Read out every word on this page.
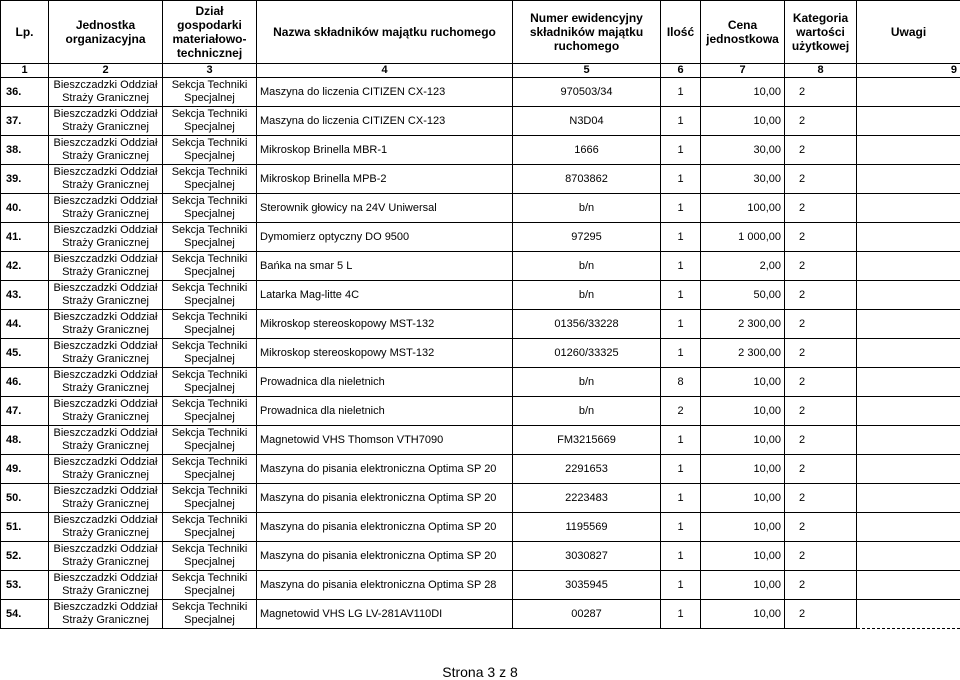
Lp.	Jednostka organizacyjna	Dział gospodarki materiałowo-technicznej	Nazwa składników majątku ruchomego	Numer ewidencyjny składników majątku ruchomego	Ilość	Cena jednostkowa	Kategoria wartości użytkowej	Uwagi
1	2	3	4	5	6	7	8	9
36.	Bieszczadzki Oddział Straży Granicznej	Sekcja Techniki Specjalnej	Maszyna do liczenia CITIZEN CX-123	970503/34	1	10,00	2	
37.	Bieszczadzki Oddział Straży Granicznej	Sekcja Techniki Specjalnej	Maszyna do liczenia CITIZEN CX-123	N3D04	1	10,00	2	
38.	Bieszczadzki Oddział Straży Granicznej	Sekcja Techniki Specjalnej	Mikroskop Brinella MBR-1	1666	1	30,00	2	
39.	Bieszczadzki Oddział Straży Granicznej	Sekcja Techniki Specjalnej	Mikroskop Brinella MPB-2	8703862	1	30,00	2	
40.	Bieszczadzki Oddział Straży Granicznej	Sekcja Techniki Specjalnej	Sterownik głowicy na 24V Uniwersal	b/n	1	100,00	2	
41.	Bieszczadzki Oddział Straży Granicznej	Sekcja Techniki Specjalnej	Dymomierz optyczny DO 9500	97295	1	1 000,00	2	
42.	Bieszczadzki Oddział Straży Granicznej	Sekcja Techniki Specjalnej	Bańka na smar 5 L	b/n	1	2,00	2	
43.	Bieszczadzki Oddział Straży Granicznej	Sekcja Techniki Specjalnej	Latarka Mag-litte 4C	b/n	1	50,00	2	
44.	Bieszczadzki Oddział Straży Granicznej	Sekcja Techniki Specjalnej	Mikroskop stereoskopowy MST-132	01356/33228	1	2 300,00	2	
45.	Bieszczadzki Oddział Straży Granicznej	Sekcja Techniki Specjalnej	Mikroskop stereoskopowy MST-132	01260/33325	1	2 300,00	2	
46.	Bieszczadzki Oddział Straży Granicznej	Sekcja Techniki Specjalnej	Prowadnica dla nieletnich	b/n	8	10,00	2	
47.	Bieszczadzki Oddział Straży Granicznej	Sekcja Techniki Specjalnej	Prowadnica dla nieletnich	b/n	2	10,00	2	
48.	Bieszczadzki Oddział Straży Granicznej	Sekcja Techniki Specjalnej	Magnetowid VHS Thomson VTH7090	FM3215669	1	10,00	2	
49.	Bieszczadzki Oddział Straży Granicznej	Sekcja Techniki Specjalnej	Maszyna do pisania elektroniczna Optima SP 20	2291653	1	10,00	2	
50.	Bieszczadzki Oddział Straży Granicznej	Sekcja Techniki Specjalnej	Maszyna do pisania elektroniczna Optima SP 20	2223483	1	10,00	2	
51.	Bieszczadzki Oddział Straży Granicznej	Sekcja Techniki Specjalnej	Maszyna do pisania elektroniczna Optima SP 20	1195569	1	10,00	2	
52.	Bieszczadzki Oddział Straży Granicznej	Sekcja Techniki Specjalnej	Maszyna do pisania elektroniczna Optima SP 20	3030827	1	10,00	2	
53.	Bieszczadzki Oddział Straży Granicznej	Sekcja Techniki Specjalnej	Maszyna do pisania elektroniczna Optima SP 28	3035945	1	10,00	2	
54.	Bieszczadzki Oddział Straży Granicznej	Sekcja Techniki Specjalnej	Magnetowid VHS LG LV-281AV110DI	00287	1	10,00	2	
Strona 3 z 8
